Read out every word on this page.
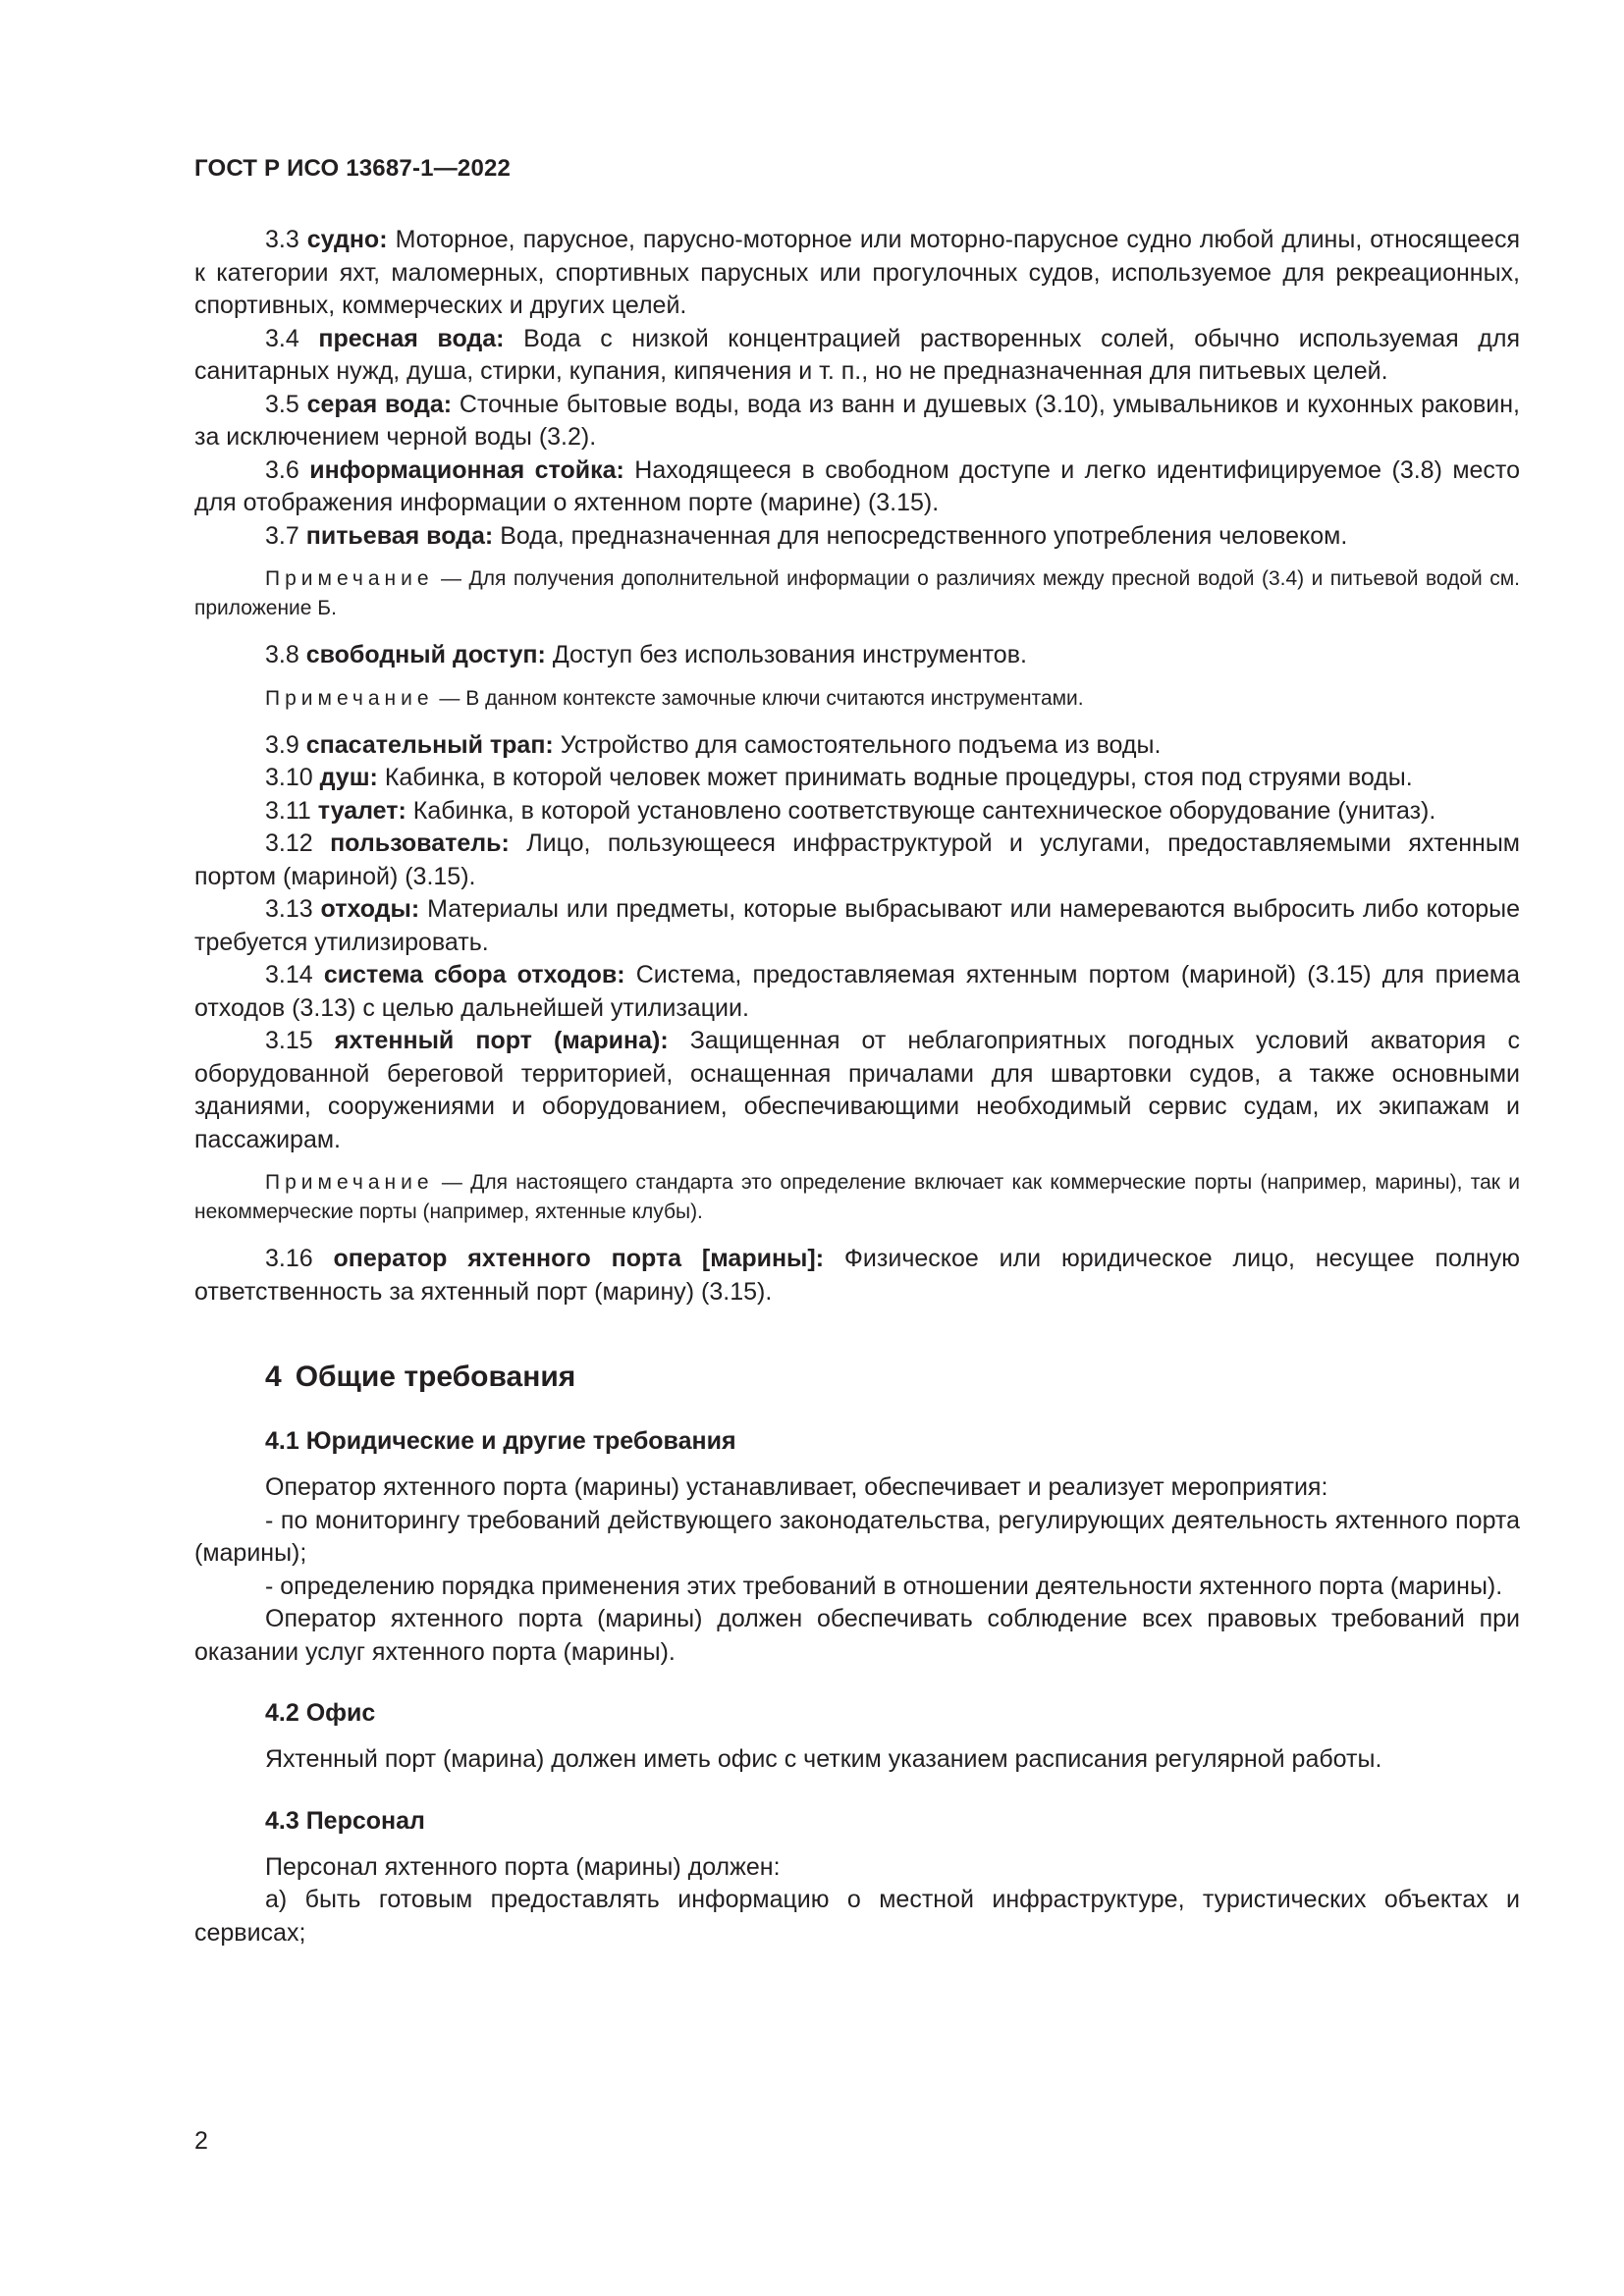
ГОСТ Р ИСО 13687-1—2022

3.3 судно: Моторное, парусное, парусно-моторное или моторно-парусное судно любой длины, относящееся к категории яхт, маломерных, спортивных парусных или прогулочных судов, используемое для рекреационных, спортивных, коммерческих и других целей.

3.4 пресная вода: Вода с низкой концентрацией растворенных солей, обычно используемая для санитарных нужд, душа, стирки, купания, кипячения и т. п., но не предназначенная для питьевых целей.

3.5 серая вода: Сточные бытовые воды, вода из ванн и душевых (3.10), умывальников и кухонных раковин, за исключением черной воды (3.2).

3.6 информационная стойка: Находящееся в свободном доступе и легко идентифицируемое (3.8) место для отображения информации о яхтенном порте (марине) (3.15).

3.7 питьевая вода: Вода, предназначенная для непосредственного употребления человеком.

Примечание — Для получения дополнительной информации о различиях между пресной водой (3.4) и питьевой водой см. приложение Б.

3.8 свободный доступ: Доступ без использования инструментов.

Примечание — В данном контексте замочные ключи считаются инструментами.

3.9 спасательный трап: Устройство для самостоятельного подъема из воды.

3.10 душ: Кабинка, в которой человек может принимать водные процедуры, стоя под струями воды.

3.11 туалет: Кабинка, в которой установлено соответствующе сантехническое оборудование (унитаз).

3.12 пользователь: Лицо, пользующееся инфраструктурой и услугами, предоставляемыми яхтенным портом (мариной) (3.15).

3.13 отходы: Материалы или предметы, которые выбрасывают или намереваются выбросить либо которые требуется утилизировать.

3.14 система сбора отходов: Система, предоставляемая яхтенным портом (мариной) (3.15) для приема отходов (3.13) с целью дальнейшей утилизации.

3.15 яхтенный порт (марина): Защищенная от неблагоприятных погодных условий акватория с оборудованной береговой территорией, оснащенная причалами для швартовки судов, а также основными зданиями, сооружениями и оборудованием, обеспечивающими необходимый сервис судам, их экипажам и пассажирам.

Примечание — Для настоящего стандарта это определение включает как коммерческие порты (например, марины), так и некоммерческие порты (например, яхтенные клубы).

3.16 оператор яхтенного порта [марины]: Физическое или юридическое лицо, несущее полную ответственность за яхтенный порт (марину) (3.15).

4 Общие требования
4.1 Юридические и другие требования

Оператор яхтенного порта (марины) устанавливает, обеспечивает и реализует мероприятия:

- по мониторингу требований действующего законодательства, регулирующих деятельность яхтенного порта (марины);

- определению порядка применения этих требований в отношении деятельности яхтенного порта (марины).

Оператор яхтенного порта (марины) должен обеспечивать соблюдение всех правовых требований при оказании услуг яхтенного порта (марины).

4.2 Офис

Яхтенный порт (марина) должен иметь офис с четким указанием расписания регулярной работы.

4.3 Персонал

Персонал яхтенного порта (марины) должен:

а) быть готовым предоставлять информацию о местной инфраструктуре, туристических объектах и сервисах;

2
